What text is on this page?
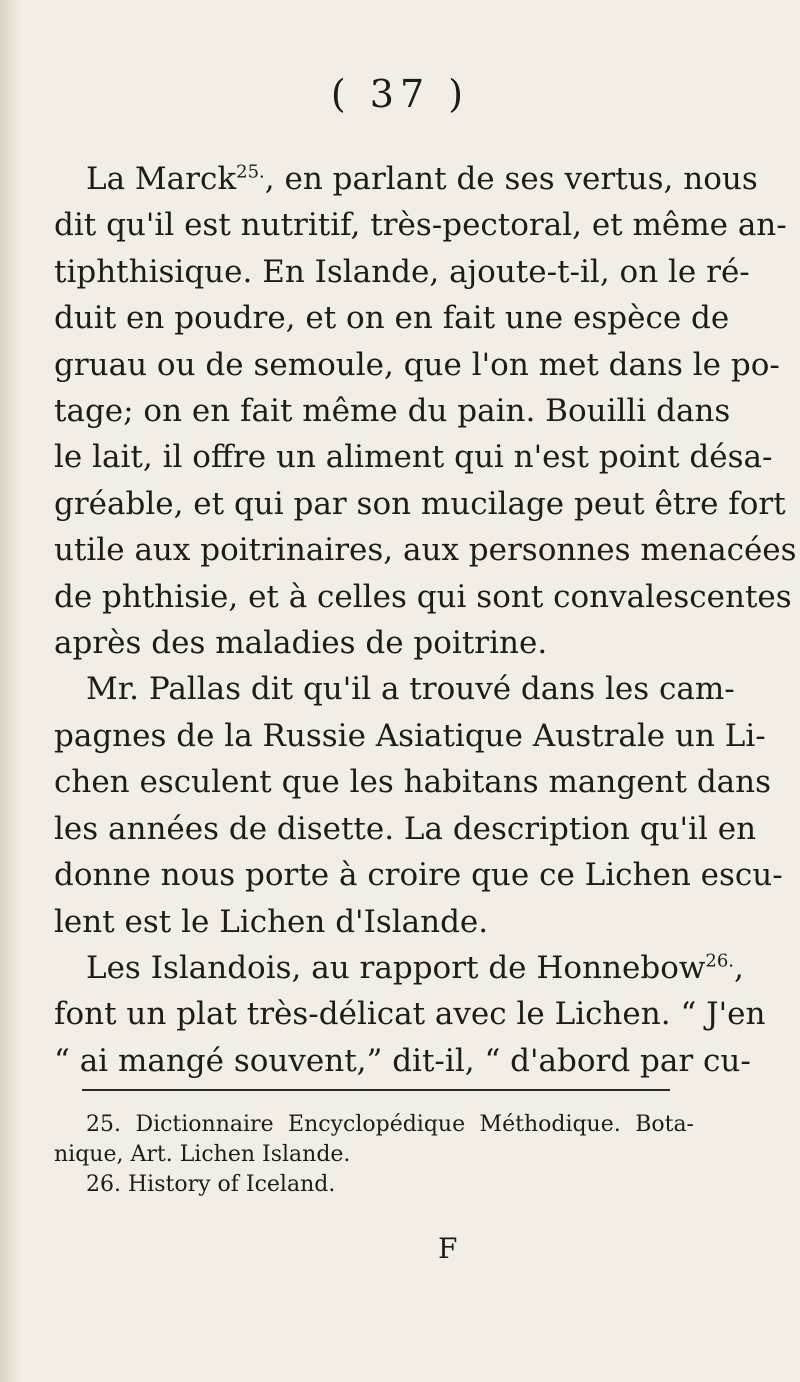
( 37 )
La Marck$^{25.}$, en parlant de ses vertus, nous
dit qu'il est nutritif, très-pectoral, et même an-
tiphthisique. En Islande, ajoute-t-il, on le ré-
duit en poudre, et on en fait une espèce de
gruau ou de semoule, que l'on met dans le po-
tage; on en fait même du pain. Bouilli dans
le lait, il offre un aliment qui n'est point désa-
gréable, et qui par son mucilage peut être fort
utile aux poitrinaires, aux personnes menacées
de phthisie, et à celles qui sont convalescentes
après des maladies de poitrine.
Mr. Pallas dit qu'il a trouvé dans les cam-
pagnes de la Russie Asiatique Australe un Li-
chen esculent que les habitans mangent dans
les années de disette. La description qu'il en
donne nous porte à croire que ce Lichen escu-
lent est le Lichen d'Islande.
Les Islandois, au rapport de Honnebow$^{26.}$,
font un plat très-délicat avec le Lichen. “ J'en
“ ai mangé souvent,” dit-il, “ d'abord par cu-
25. Dictionnaire Encyclopédique Méthodique. Bota-
nique, Art. Lichen Islande.
26. History of Iceland.
F
